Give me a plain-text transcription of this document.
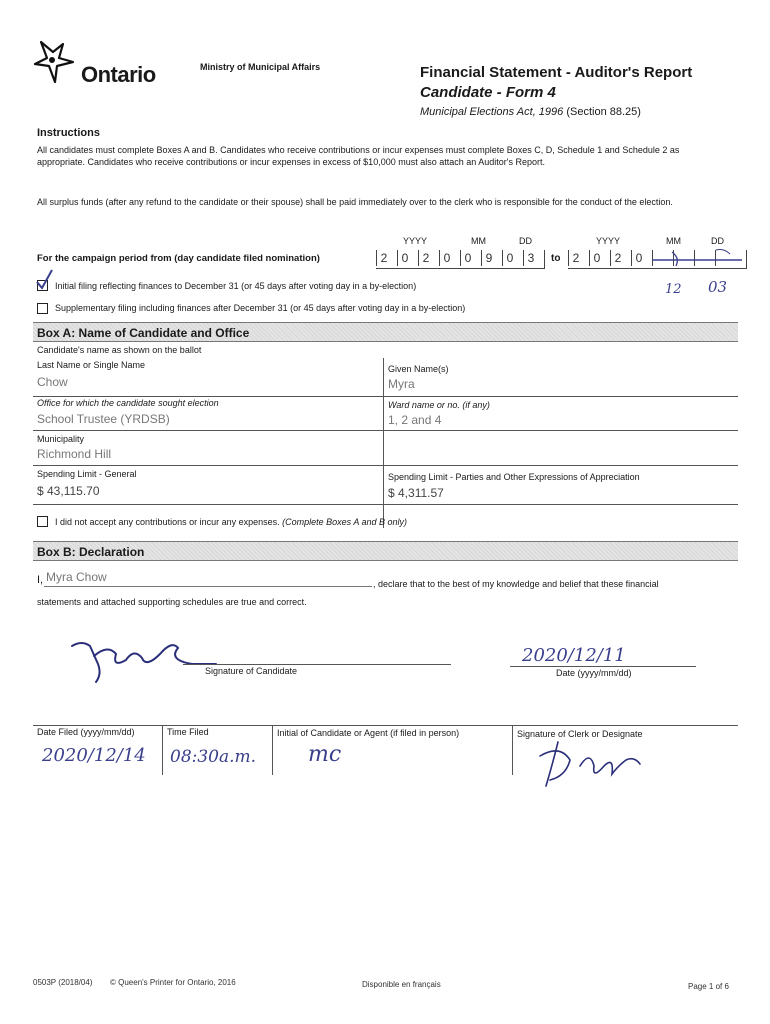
Ontario	Ministry of Municipal Affairs	Financial Statement - Auditor's Report
Candidate - Form 4
Municipal Elections Act, 1996 (Section 88.25)
Instructions
All candidates must complete Boxes A and B. Candidates who receive contributions or incur expenses must complete Boxes C, D, Schedule 1 and Schedule 2 as appropriate. Candidates who receive contributions or incur expenses in excess of $10,000 must also attach an Auditor's Report.
All surplus funds (after any refund to the candidate or their spouse) shall be paid immediately over to the clerk who is responsible for the conduct of the election.
YYYY	MM	DD	YYYY	MM	DD
For the campaign period from (day candidate filed nomination)	2	0	2	0	0	9	0	3	to	2	0	2	0
12 03
Initial filing reflecting finances to December 31 (or 45 days after voting day in a by-election)
Supplementary filing including finances after December 31 (or 45 days after voting day in a by-election)
Box A: Name of Candidate and Office
Candidate's name as shown on the ballot
Last Name or Single Name
Chow
Given Name(s)
Myra
Office for which the candidate sought election
School Trustee (YRDSB)
Ward name or no. (if any)
1, 2 and 4
Municipality
Richmond Hill
Spending Limit - General
$ 43,115.70
Spending Limit - Parties and Other Expressions of Appreciation
$ 4,311.57
I did not accept any contributions or incur any expenses. (Complete Boxes A and B only)
Box B: Declaration
I, Myra Chow	, declare that to the best of my knowledge and belief that these financial
statements and attached supporting schedules are true and correct.
Signature of Candidate
2020/12/11
Date (yyyy/mm/dd)
Date Filed (yyyy/mm/dd)
2020/12/14
Time Filed
08:30a.m.
Initial of Candidate or Agent (if filed in person)
mc
Signature of Clerk or Designate
0503P (2018/04) © Queen's Printer for Ontario, 2016	Disponible en français	Page 1 of 6
